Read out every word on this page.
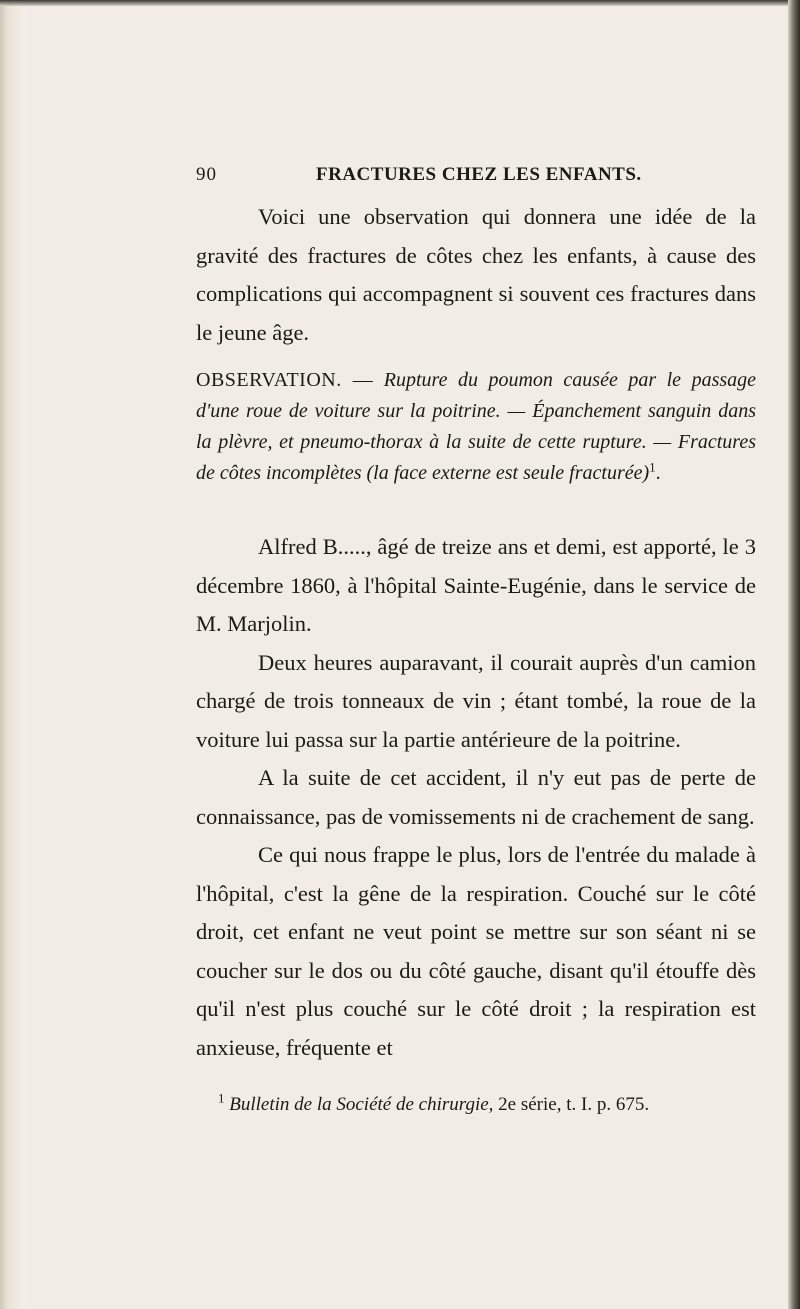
90	FRACTURES CHEZ LES ENFANTS.
Voici une observation qui donnera une idée de la gravité des fractures de côtes chez les enfants, à cause des complications qui accompagnent si souvent ces fractures dans le jeune âge.
OBSERVATION. — Rupture du poumon causée par le passage d'une roue de voiture sur la poitrine. — Épanchement sanguin dans la plèvre, et pneumo-thorax à la suite de cette rupture. — Fractures de côtes incomplètes (la face externe est seule fracturée)$^1$.

Alfred B....., âgé de treize ans et demi, est apporté, le 3 décembre 1860, à l'hôpital Sainte-Eugénie, dans le service de M. Marjolin.

Deux heures auparavant, il courait auprès d'un camion chargé de trois tonneaux de vin ; étant tombé, la roue de la voiture lui passa sur la partie antérieure de la poitrine.

A la suite de cet accident, il n'y eut pas de perte de connaissance, pas de vomissements ni de crachement de sang.

Ce qui nous frappe le plus, lors de l'entrée du malade à l'hôpital, c'est la gêne de la respiration. Couché sur le côté droit, cet enfant ne veut point se mettre sur son séant ni se coucher sur le dos ou du côté gauche, disant qu'il étouffe dès qu'il n'est plus couché sur le côté droit ; la respiration est anxieuse, fréquente et

$^1$ Bulletin de la Société de chirurgie, 2e série, t. I. p. 675.
